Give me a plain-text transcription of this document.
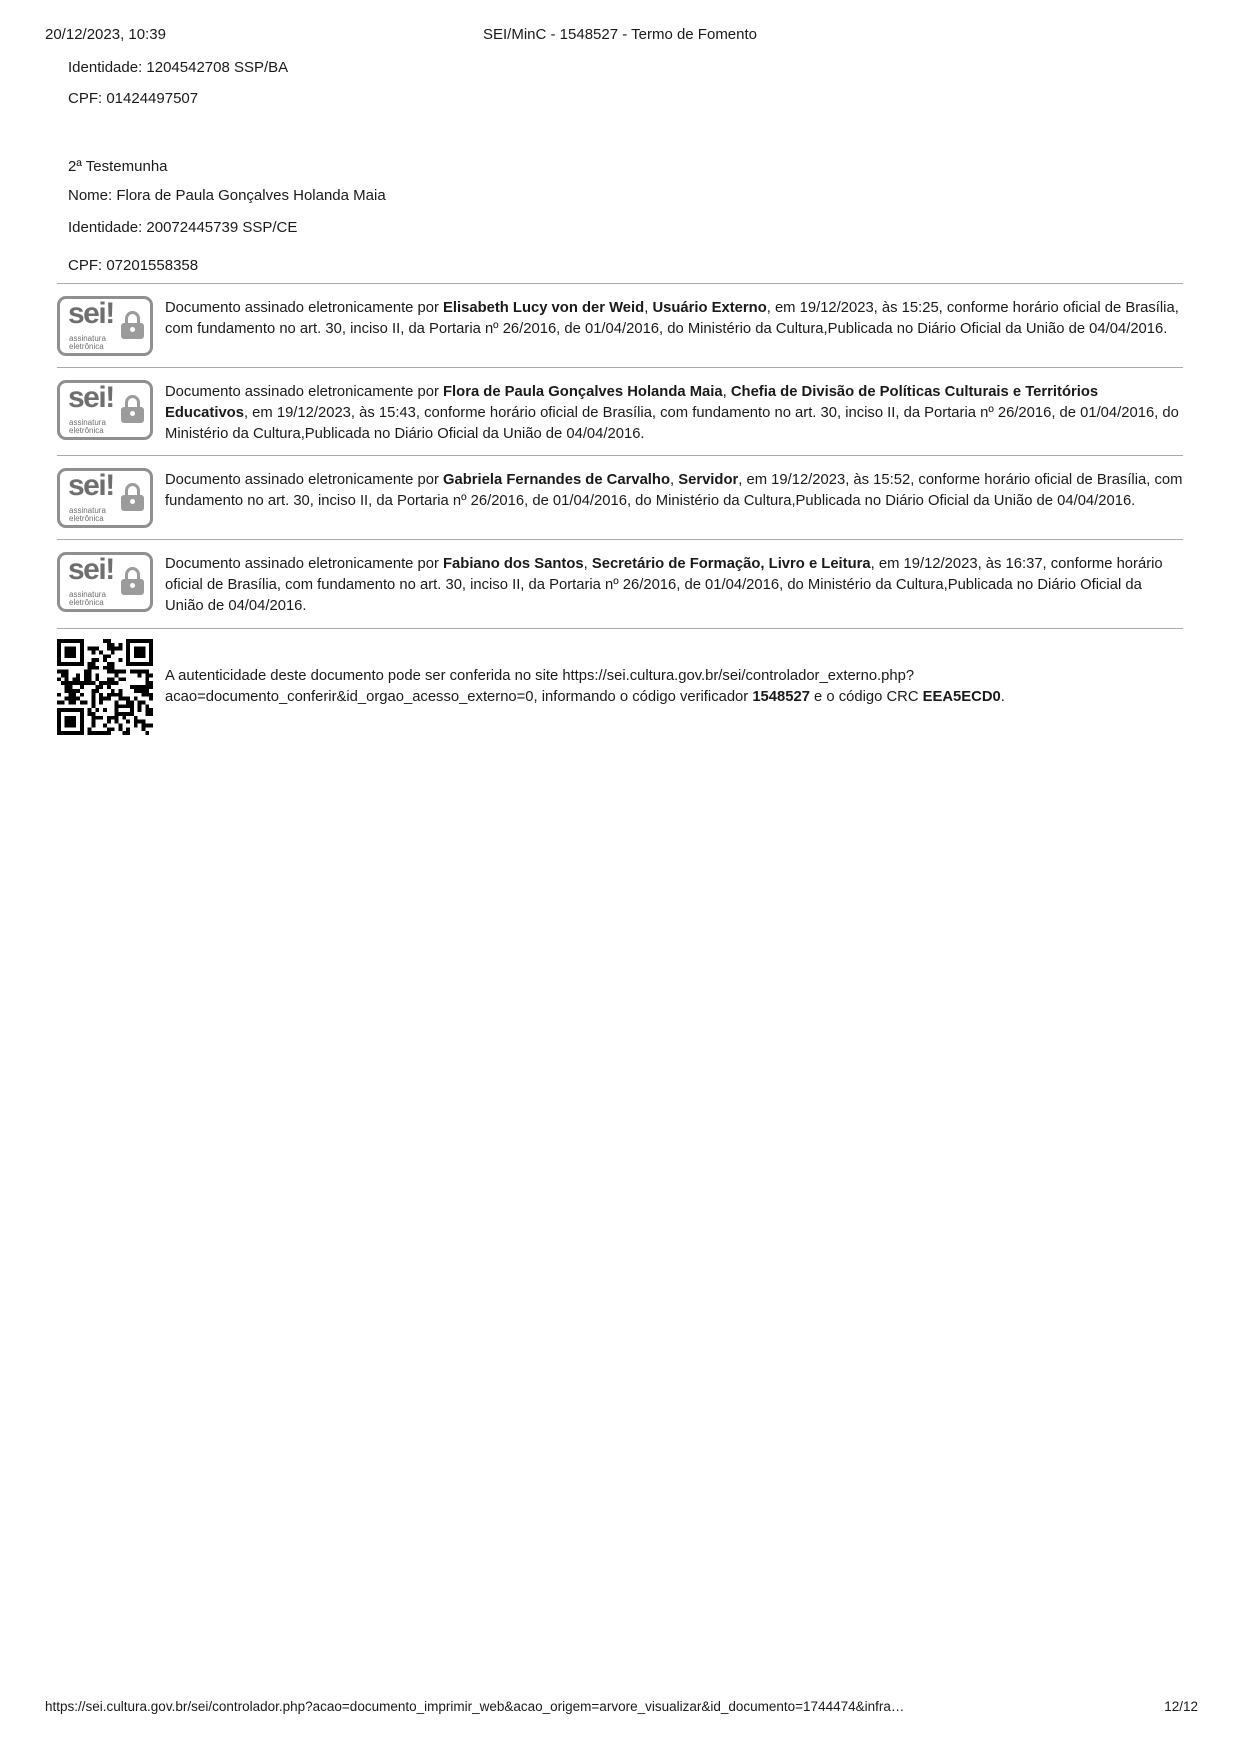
20/12/2023, 10:39	SEI/MinC - 1548527 - Termo de Fomento

Identidade: 1204542708 SSP/BA

CPF: 01424497507

2ª Testemunha

Nome: Flora de Paula Gonçalves Holanda Maia

Identidade: 20072445739 SSP/CE

CPF: 07201558358

sei!
assinatura
eletrônica

Documento assinado eletronicamente por Elisabeth Lucy von der Weid, Usuário Externo, em 19/12/2023, às 15:25, conforme horário oficial de Brasília, com fundamento no art. 30, inciso II, da Portaria nº 26/2016, de 01/04/2016, do Ministério da Cultura,Publicada no Diário Oficial da União de 04/04/2016.

sei!
assinatura
eletrônica

Documento assinado eletronicamente por Flora de Paula Gonçalves Holanda Maia, Chefia de Divisão de Políticas Culturais e Territórios Educativos, em 19/12/2023, às 15:43, conforme horário oficial de Brasília, com fundamento no art. 30, inciso II, da Portaria nº 26/2016, de 01/04/2016, do Ministério da Cultura,Publicada no Diário Oficial da União de 04/04/2016.

sei!
assinatura
eletrônica

Documento assinado eletronicamente por Gabriela Fernandes de Carvalho, Servidor, em 19/12/2023, às 15:52, conforme horário oficial de Brasília, com fundamento no art. 30, inciso II, da Portaria nº 26/2016, de 01/04/2016, do Ministério da Cultura,Publicada no Diário Oficial da União de 04/04/2016.

sei!
assinatura
eletrônica

Documento assinado eletronicamente por Fabiano dos Santos, Secretário de Formação, Livro e Leitura, em 19/12/2023, às 16:37, conforme horário oficial de Brasília, com fundamento no art. 30, inciso II, da Portaria nº 26/2016, de 01/04/2016, do Ministério da Cultura,Publicada no Diário Oficial da União de 04/04/2016.

A autenticidade deste documento pode ser conferida no site https://sei.cultura.gov.br/sei/controlador_externo.php?

acao=documento_conferir&id_orgao_acesso_externo=0, informando o código verificador 1548527 e o código CRC EEA5ECD0.

https://sei.cultura.gov.br/sei/controlador.php?acao=documento_imprimir_web&acao_origem=arvore_visualizar&id_documento=1744474&infra…	12/12
